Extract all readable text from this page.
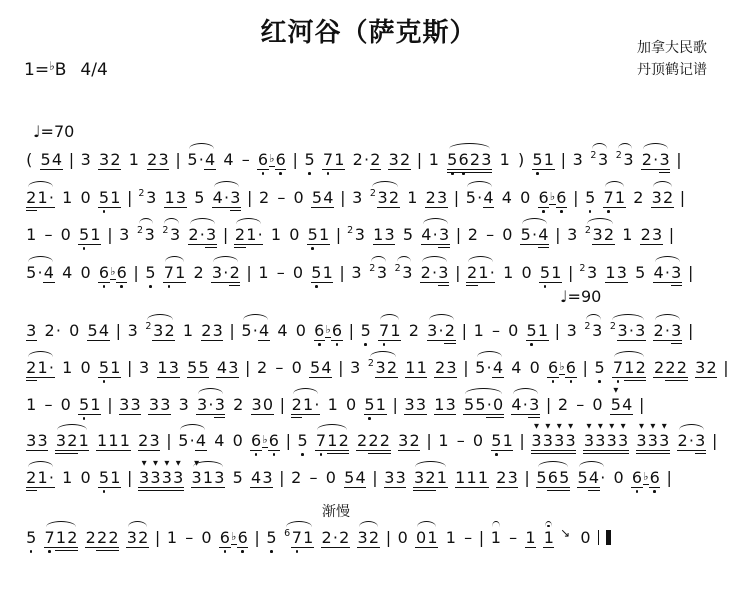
红河谷（萨克斯）
加拿大民歌
丹顶鹤记谱
1=♭B 4/4
♩=70
♩=90
渐慢
( 54 | 3 32 1 23 | 5·4 4 – 6♭6 | 5 71 2·2 32 | 1 5623 1 ) 51 | 3 $^2$3 $^2$3 2·3 |
21· 1 0 51 | $^2$3 13 5 4·3 | 2 – 0 54 | 3 $^2$32 1 23 | 5·4 4 0 6♭6 | 5 71 2 32 |
1 – 0 51 | 3 $^2$3 $^2$3 2·3 | 21· 1 0 51 | $^2$3 13 5 4·3 | 2 – 0 5·4 | 3 $^2$32 1 23 |
5·4 4 0 6♭6 | 5 71 2 3·2 | 1 – 0 51 | 3 $^2$3 $^2$3 2·3 | 21· 1 0 51 | $^2$3 13 5 4·3 |
3 2· 0 54 | 3 $^2$32 1 23 | 5·4 4 0 6♭6 | 5 71 2 3·2 | 1 – 0 51 | 3 $^2$3 $^2$3·3 2·3 |
21· 1 0 51 | 3 13 55 43 | 2 – 0 54 | 3 $^2$32 11 23 | 5·4 4 0 6♭6 | 5 712 222 32 |
1 – 0 51 | 33 33 3 3·3 2 30 | 21· 1 0 51 | 33 13 55·0 4·3 | 2 – 0 ▼ 54 |
33 321 111 23 | 5·4 4 0 6♭6 | 5 712 222 32 | 1 – 0 51 | ▼ 3▼ 3▼ 3▼ 3 ▼ 3▼ 3▼ 3▼ 3 ▼ 3▼ 3▼ 3 2·3 |
21· 1 0 51 | ▼ 3▼ 3▼ 3▼ 3 ▼ 313 5 43 | 2 – 0 54 | 33 321 111 23 | 565 54· 0 6♭6 |
5 712 222 32 | 1 – 0 6♭6 | 5 $^6$71 2·2 32 | 0 01 1 – | 1 – 1 1 ↘ 0
